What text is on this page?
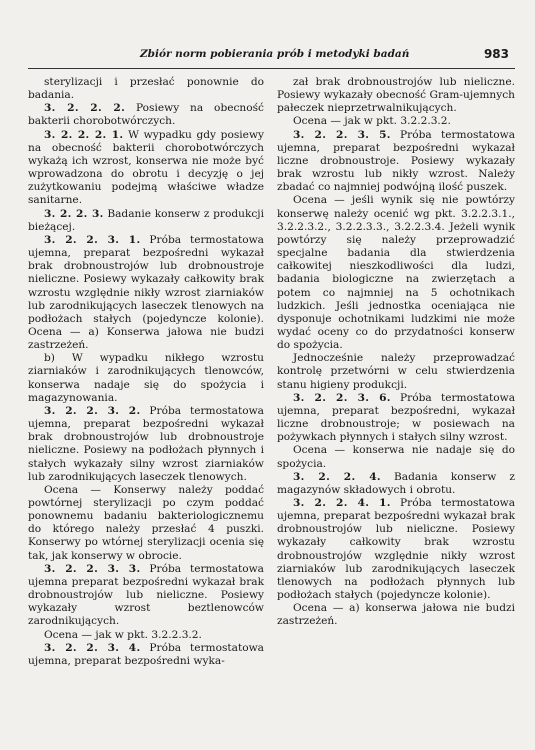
Zbiór norm pobierania prób i metodyki badań	983

sterylizacji i przesłać ponownie do badania.

3. 2. 2. 2. Posiewy na obecność bakterii chorobotwórczych.

3. 2. 2. 2. 1. W wypadku gdy posiewy na obecność bakterii chorobotwórczych wykażą ich wzrost, konserwa nie może być wprowadzona do obrotu i decyzję o jej zużytkowaniu podejmą właściwe władze sanitarne.

3. 2. 2. 3. Badanie konserw z produkcji bieżącej.

3. 2. 2. 3. 1. Próba termostatowa ujemna, preparat bezpośredni wykazał brak drobnoustrojów lub drobnoustroje nieliczne. Posiewy wykazały całkowity brak wzrostu względnie nikły wzrost ziarniaków lub zarodnikujących laseczek tlenowych na podłożach stałych (pojedyncze kolonie). Ocena — a) Konserwa jałowa nie budzi zastrzeżeń.

b) W wypadku nikłego wzrostu ziarniaków i zarodnikujących tlenowców, konserwa nadaje się do spożycia i magazynowania.

3. 2. 2. 3. 2. Próba termostatowa ujemna, preparat bezpośredni wykazał brak drobnoustrojów lub drobnoustroje nieliczne. Posiewy na podłożach płynnych i stałych wykazały silny wzrost ziarniaków lub zarodnikujących laseczek tlenowych.

Ocena — Konserwy należy poddać powtórnej sterylizacji po czym poddać ponownemu badaniu bakteriologicznemu do którego należy przesłać 4 puszki. Konserwy po wtórnej sterylizacji ocenia się tak, jak konserwy w obrocie.

3. 2. 2. 3. 3. Próba termostatowa ujemna preparat bezpośredni wykazał brak drobnoustrojów lub nieliczne. Posiewy wykazały wzrost beztlenowców zarodnikujących.

Ocena — jak w pkt. 3.2.2.3.2.

3. 2. 2. 3. 4. Próba termostatowa ujemna, preparat bezpośredni wyka-

zał brak drobnoustrojów lub nieliczne. Posiewy wykazały obecność Gram-ujemnych pałeczek nieprzetrwalnikujących.

Ocena — jak w pkt. 3.2.2.3.2.

3. 2. 2. 3. 5. Próba termostatowa ujemna, preparat bezpośredni wykazał liczne drobnoustroje. Posiewy wykazały brak wzrostu lub nikły wzrost. Należy zbadać co najmniej podwójną ilość puszek.

Ocena — jeśli wynik się nie powtórzy konserwę należy ocenić wg pkt. 3.2.2.3.1., 3.2.2.3.2., 3.2.2.3.3., 3.2.2.3.4. Jeżeli wynik powtórzy się należy przeprowadzić specjalne badania dla stwierdzenia całkowitej nieszkodliwości dla ludzi, badania biologiczne na zwierzętach a potem co najmniej na 5 ochotnikach ludzkich. Jeśli jednostka oceniająca nie dysponuje ochotnikami ludzkimi nie może wydać oceny co do przydatności konserw do spożycia.

Jednocześnie należy przeprowadzać kontrolę przetwórni w celu stwierdzenia stanu higieny produkcji.

3. 2. 2. 3. 6. Próba termostatowa ujemna, preparat bezpośredni, wykazał liczne drobnoustroje; w posiewach na pożywkach płynnych i stałych silny wzrost.

Ocena — konserwa nie nadaje się do spożycia.

3. 2. 2. 4. Badania konserw z magazynów składowych i obrotu.

3. 2. 2. 4. 1. Próba termostatowa ujemna, preparat bezpośredni wykazał brak drobnoustrojów lub nieliczne. Posiewy wykazały całkowity brak wzrostu drobnoustrojów względnie nikły wzrost ziarniaków lub zarodnikujących laseczek tlenowych na podłożach płynnych lub podłożach stałych (pojedyncze kolonie).

Ocena — a) konserwa jałowa nie budzi zastrzeżeń.
